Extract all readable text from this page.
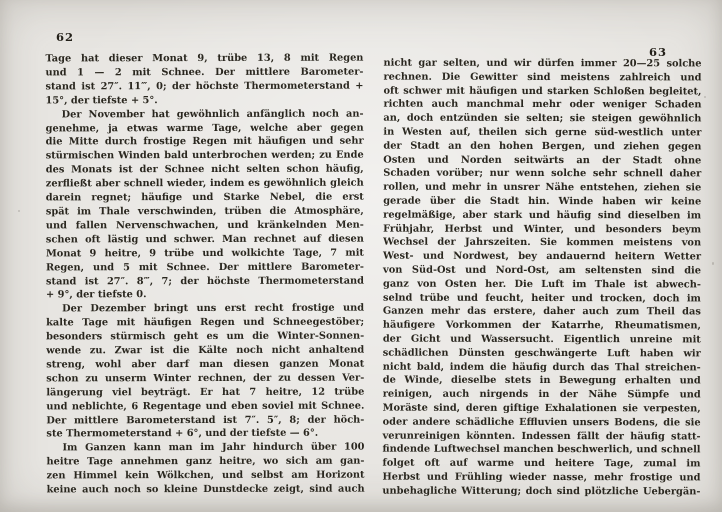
62
63
Tage hat dieser Monat 9, trübe 13, 8 mit Regen
und 1 — 2 mit Schnee. Der mittlere Barometer-
stand ist 27″. 11‴, 0; der höchste Thermometerstand +
15°, der tiefste + 5°.
Der November hat gewöhnlich anfänglich noch an-
genehme, ja etwas warme Tage, welche aber gegen
die Mitte durch frostige Regen mit häufigen und sehr
stürmischen Winden bald unterbrochen werden; zu Ende
des Monats ist der Schnee nicht selten schon häufig,
zerfließt aber schnell wieder, indem es gewöhnlich gleich
darein regnet; häufige und Starke Nebel, die erst
spät im Thale verschwinden, trüben die Atmosphäre,
und fallen Nervenschwachen, und kränkelnden Men-
schen oft lästig und schwer. Man rechnet auf diesen
Monat 9 heitre, 9 trübe und wolkichte Tage, 7 mit
Regen, und 5 mit Schnee. Der mittlere Barometer-
stand ist 27″. 8‴, 7; der höchste Thermometerstand
+ 9°, der tiefste 0.
Der Dezember bringt uns erst recht frostige und
kalte Tage mit häufigen Regen und Schneegestöber;
besonders stürmisch geht es um die Winter-Sonnen-
wende zu. Zwar ist die Kälte noch nicht anhaltend
streng, wohl aber darf man diesen ganzen Monat
schon zu unserm Winter rechnen, der zu dessen Ver-
längerung viel beyträgt. Er hat 7 heitre, 12 trübe
und neblichte, 6 Regentage und eben soviel mit Schnee.
Der mittlere Barometerstand ist 7″. 5″, 8; der höch-
ste Thermometerstand + 6°, und der tiefste — 6°.
Im Ganzen kann man im Jahr hindurch über 100
heitre Tage annehmen ganz heitre, wo sich am gan-
zen Himmel kein Wölkchen, und selbst am Horizont
keine auch noch so kleine Dunstdecke zeigt, sind auch
nicht gar selten, und wir dürfen immer 20—25 solche
rechnen. Die Gewitter sind meistens zahlreich und
oft schwer mit häufigen und starken Schloßen begleitet,
richten auch manchmal mehr oder weniger Schaden
an, doch entzünden sie selten; sie steigen gewöhnlich
in Westen auf, theilen sich gerne süd-westlich unter
der Stadt an den hohen Bergen, und ziehen gegen
Osten und Norden seitwärts an der Stadt ohne
Schaden vorüber; nur wenn solche sehr schnell daher
rollen, und mehr in unsrer Nähe entstehen, ziehen sie
gerade über die Stadt hin. Winde haben wir keine
regelmäßige, aber stark und häufig sind dieselben im
Frühjahr, Herbst und Winter, und besonders beym
Wechsel der Jahrszeiten. Sie kommen meistens von
West- und Nordwest, bey andauernd heitern Wetter
von Süd-Ost und Nord-Ost, am seltensten sind die
ganz von Osten her. Die Luft im Thale ist abwech-
selnd trübe und feucht, heiter und trocken, doch im
Ganzen mehr das erstere, daher auch zum Theil das
häufigere Vorkommen der Katarrhe, Rheumatismen,
der Gicht und Wassersucht. Eigentlich unreine mit
schädlichen Dünsten geschwängerte Luft haben wir
nicht bald, indem die häufig durch das Thal streichen-
de Winde, dieselbe stets in Bewegung erhalten und
reinigen, auch nirgends in der Nähe Sümpfe und
Moräste sind, deren giftige Exhalationen sie verpesten,
oder andere schädliche Effluvien unsers Bodens, die sie
verunreinigen könnten. Indessen fällt der häufig statt-
findende Luftwechsel manchen beschwerlich, und schnell
folget oft auf warme und heitere Tage, zumal im
Herbst und Frühling wieder nasse, mehr frostige und
unbehagliche Witterung; doch sind plötzliche Uebergän-
